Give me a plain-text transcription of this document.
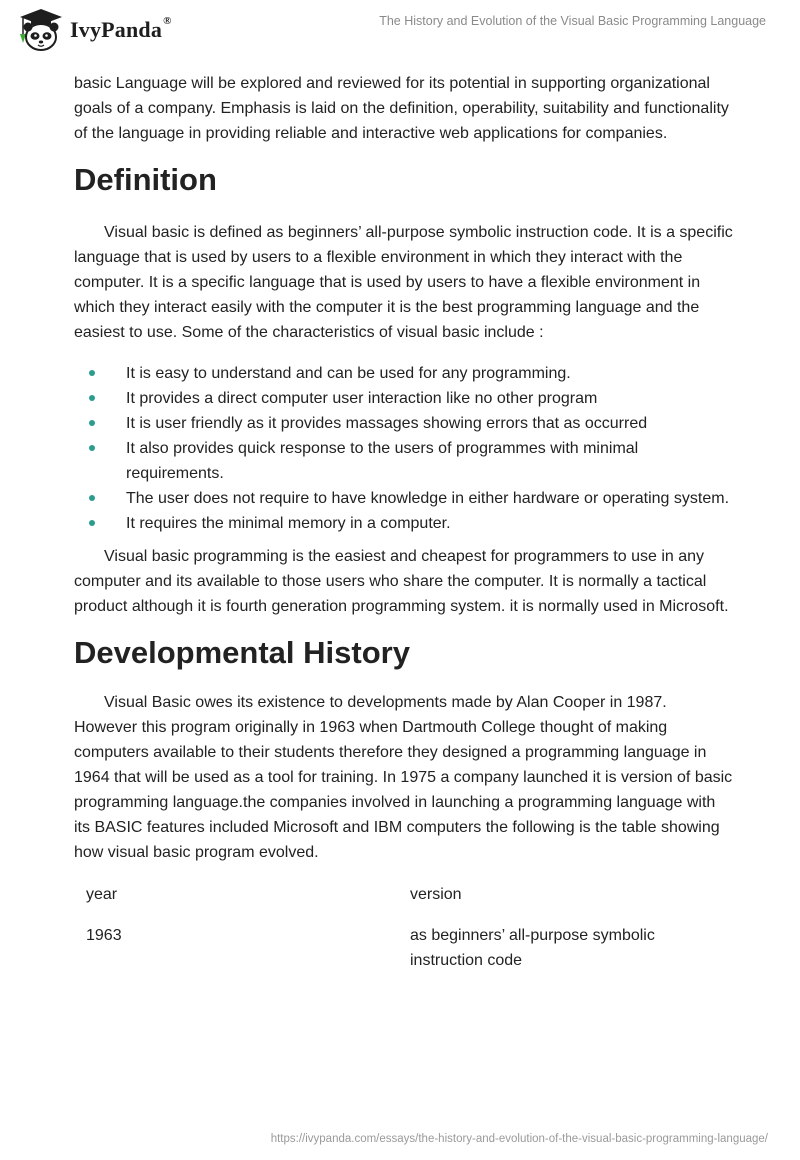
IvyPanda®	The History and Evolution of the Visual Basic Programming Language

basic Language will be explored and reviewed for its potential in supporting organizational goals of a company. Emphasis is laid on the definition, operability, suitability and functionality of the language in providing reliable and interactive web applications for companies.

Definition

Visual basic is defined as beginners’ all-purpose symbolic instruction code. It is a specific language that is used by users to a flexible environment in which they interact with the computer. It is a specific language that is used by users to have a flexible environment in which they interact easily with the computer it is the best programming language and the easiest to use. Some of the characteristics of visual basic include :

It is easy to understand and can be used for any programming.
It provides a direct computer user interaction like no other program
It is user friendly as it provides massages showing errors that as occurred
It also provides quick response to the users of programmes with minimal requirements.
The user does not require to have knowledge in either hardware or operating system.
It requires the minimal memory in a computer.

Visual basic programming is the easiest and cheapest for programmers to use in any computer and its available to those users who share the computer. It is normally a tactical product although it is fourth generation programming system. it is normally used in Microsoft.

Developmental History

Visual Basic owes its existence to developments made by Alan Cooper in 1987. However this program originally in 1963 when Dartmouth College thought of making computers available to their students therefore they designed a programming language in 1964 that will be used as a tool for training. In 1975 a company launched it is version of basic programming language.the companies involved in launching a programming language with its BASIC features included Microsoft and IBM computers the following is the table showing how visual basic program evolved.

year	version
1963	as beginners’ all-purpose symbolic instruction code
https://ivypanda.com/essays/the-history-and-evolution-of-the-visual-basic-programming-language/
